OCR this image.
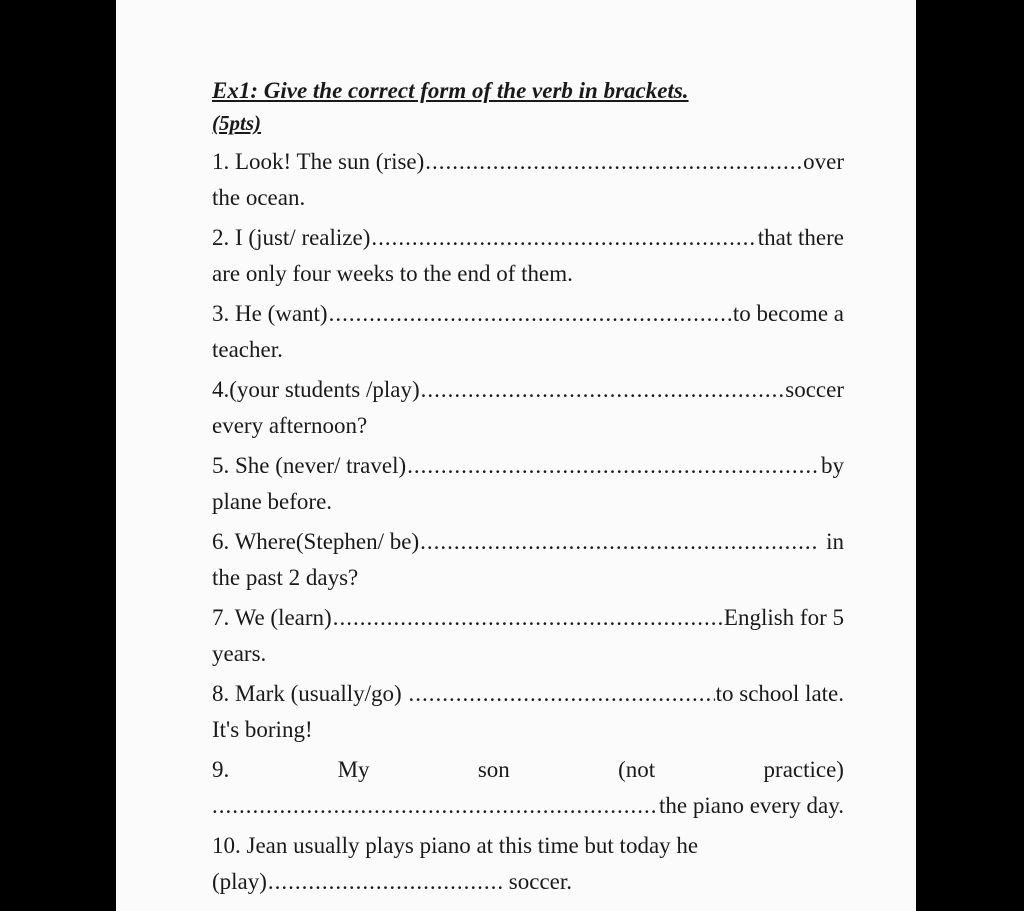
Ex1: Give the correct form of the verb in brackets.

(5pts)

1. Look! The sun (rise) .....	over
the ocean.
2. I (just/ realize) .....	that there
are only four weeks to the end of them.
3. He (want) .....	to become a
teacher.
4.(your students /play) .....	soccer
every afternoon?
5. She (never/ travel) .....	by
plane before.
6. Where(Stephen/ be) .....	in
the past 2 days?
7. We (learn) .....	English for 5
years.
8. Mark (usually/go) .....	to school late.
It's boring!
9.	My	son	(not	practice)
.....
the piano every day.
10. Jean usually plays piano at this time but today he
(play) .....	soccer.
